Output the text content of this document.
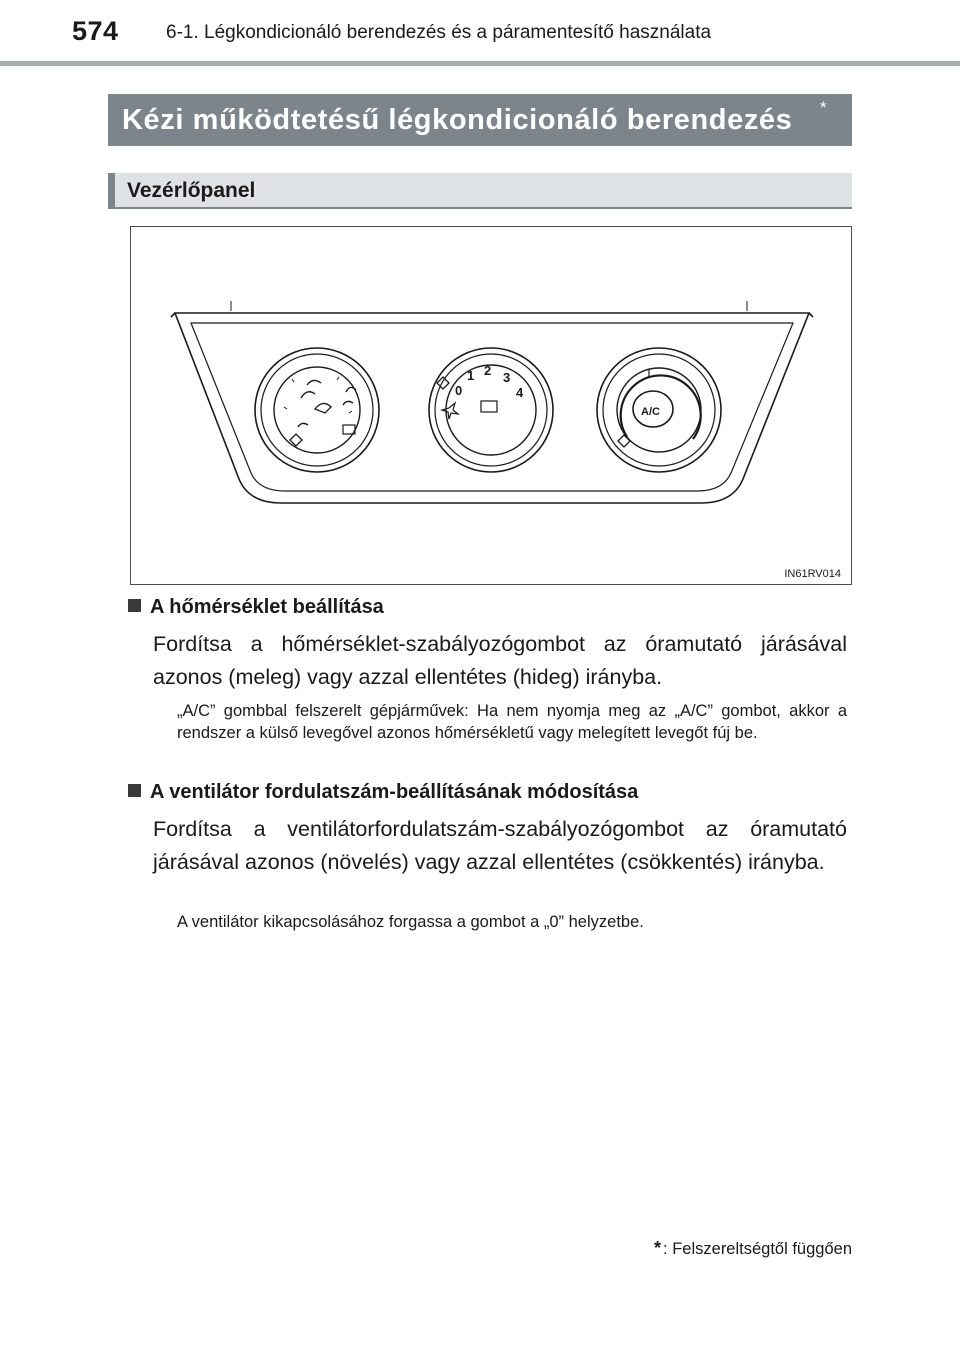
574 6-1. Légkondicionáló berendezés és a páramentesítő használata
Kézi működtetésű légkondicionáló berendezés *
Vezérlőpanel
0
1 2 3
4
A/C
IN61RV014
A hőmérséklet beállítása
Fordítsa a hőmérséklet-szabályozógombot az óramutató járásával azonos (meleg) vagy azzal ellentétes (hideg) irányba.
„A/C” gombbal felszerelt gépjárművek: Ha nem nyomja meg az „A/C” gombot, akkor a rendszer a külső levegővel azonos hőmérsékletű vagy melegített levegőt fúj be.
A ventilátor fordulatszám-beállításának módosítása
Fordítsa a ventilátorfordulatszám-szabályozógombot az óramutató járásával azonos (növelés) vagy azzal ellentétes (csökkentés) irányba.
A ventilátor kikapcsolásához forgassa a gombot a „0” helyzetbe.
* : Felszereltségtől függően
